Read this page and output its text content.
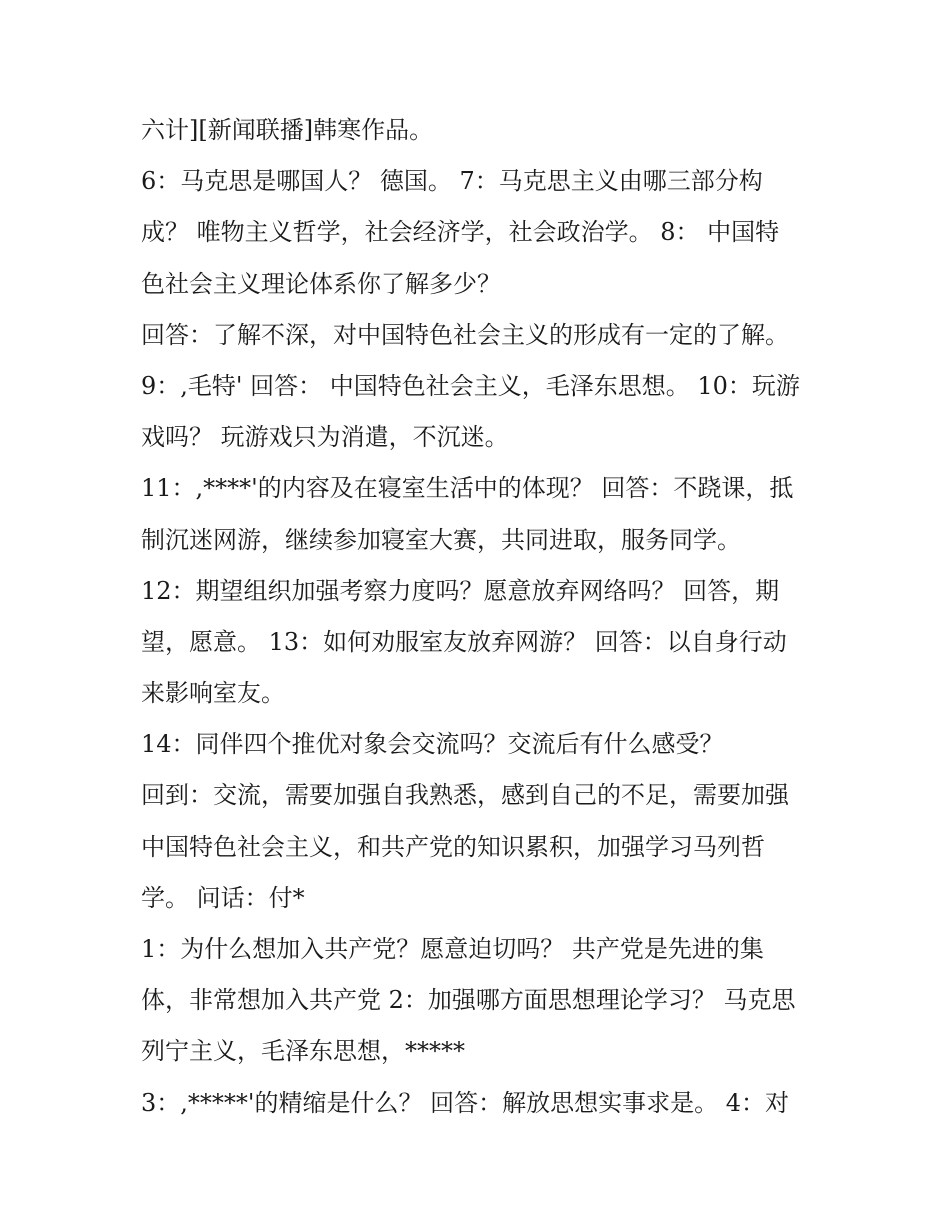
六计][新闻联播]韩寒作品。
6：马克思是哪国人？ 德国。 7：马克思主义由哪三部分构
成？ 唯物主义哲学，社会经济学，社会政治学。 8： 中国特
色社会主义理论体系你了解多少？
回答：了解不深，对中国特色社会主义的形成有一定的了解。
9：,毛特' 回答： 中国特色社会主义，毛泽东思想。 10：玩游
戏吗？ 玩游戏只为消遣，不沉迷。
11：,****'的内容及在寝室生活中的体现？ 回答：不跷课，抵
制沉迷网游，继续参加寝室大赛，共同进取，服务同学。
12：期望组织加强考察力度吗？愿意放弃网络吗？ 回答，期
望，愿意。 13：如何劝服室友放弃网游？ 回答：以自身行动
来影响室友。
14：同伴四个推优对象会交流吗？交流后有什么感受？
回到：交流，需要加强自我熟悉，感到自己的不足，需要加强
中国特色社会主义，和共产党的知识累积，加强学习马列哲
学。 问话：付*
1：为什么想加入共产党？愿意迫切吗？ 共产党是先进的集
体，非常想加入共产党 2：加强哪方面思想理论学习？ 马克思
列宁主义，毛泽东思想，*****
3：,*****'的精缩是什么？ 回答：解放思想实事求是。 4：对
